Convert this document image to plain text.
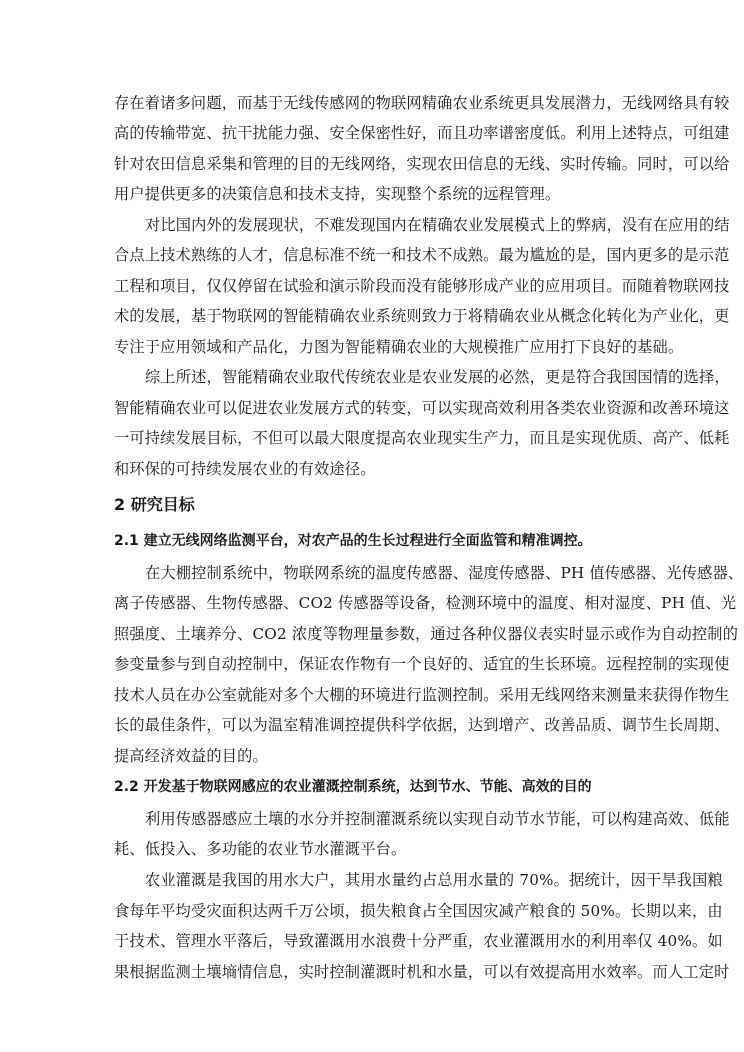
存在着诸多问题，而基于无线传感网的物联网精确农业系统更具发展潜力，无线网络具有较
高的传输带宽、抗干扰能力强、安全保密性好，而且功率谱密度低。利用上述特点，可组建
针对农田信息采集和管理的目的无线网络，实现农田信息的无线、实时传输。同时，可以给
用户提供更多的决策信息和技术支持，实现整个系统的远程管理。
对比国内外的发展现状，不难发现国内在精确农业发展模式上的弊病，没有在应用的结
合点上技术熟练的人才，信息标准不统一和技术不成熟。最为尴尬的是，国内更多的是示范
工程和项目，仅仅停留在试验和演示阶段而没有能够形成产业的应用项目。而随着物联网技
术的发展，基于物联网的智能精确农业系统则致力于将精确农业从概念化转化为产业化，更
专注于应用领域和产品化，力图为智能精确农业的大规模推广应用打下良好的基础。
综上所述，智能精确农业取代传统农业是农业发展的必然，更是符合我国国情的选择，
智能精确农业可以促进农业发展方式的转变，可以实现高效利用各类农业资源和改善环境这
一可持续发展目标，不但可以最大限度提高农业现实生产力，而且是实现优质、高产、低耗
和环保的可持续发展农业的有效途径。
2 研究目标
2.1 建立无线网络监测平台，对农产品的生长过程进行全面监管和精准调控。
在大棚控制系统中，物联网系统的温度传感器、湿度传感器、PH 值传感器、光传感器、
离子传感器、生物传感器、CO2 传感器等设备，检测环境中的温度、相对湿度、PH 值、光
照强度、土壤养分、CO2 浓度等物理量参数，通过各种仪器仪表实时显示或作为自动控制的
参变量参与到自动控制中，保证农作物有一个良好的、适宜的生长环境。远程控制的实现使
技术人员在办公室就能对多个大棚的环境进行监测控制。采用无线网络来测量来获得作物生
长的最佳条件，可以为温室精准调控提供科学依据，达到增产、改善品质、调节生长周期、
提高经济效益的目的。
2.2 开发基于物联网感应的农业灌溉控制系统，达到节水、节能、高效的目的
利用传感器感应土壤的水分并控制灌溉系统以实现自动节水节能，可以构建高效、低能
耗、低投入、多功能的农业节水灌溉平台。
农业灌溉是我国的用水大户，其用水量约占总用水量的 70%。据统计，因干旱我国粮
食每年平均受灾面积达两千万公顷，损失粮食占全国因灾减产粮食的 50%。长期以来，由
于技术、管理水平落后，导致灌溉用水浪费十分严重，农业灌溉用水的利用率仅 40%。如
果根据监测土壤墒情信息，实时控制灌溉时机和水量，可以有效提高用水效率。而人工定时
